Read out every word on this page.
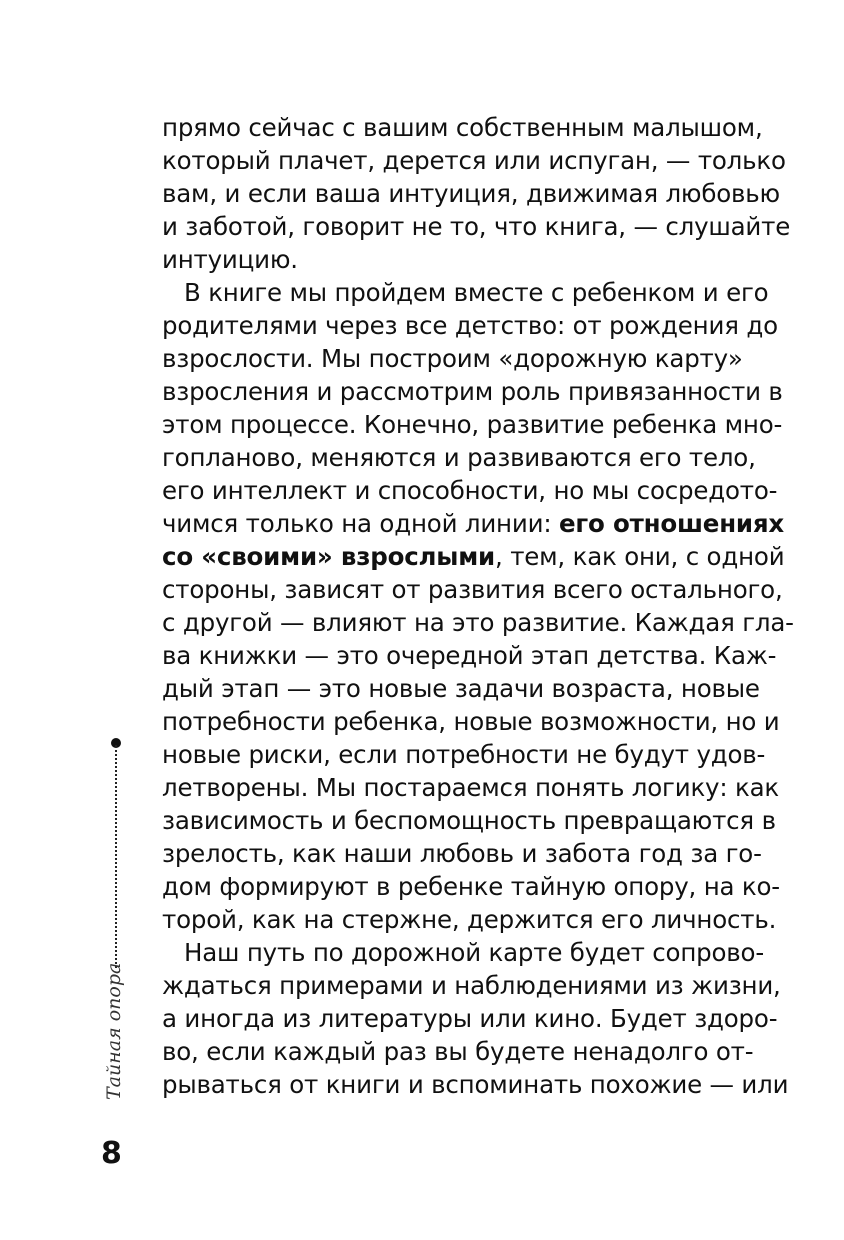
прямо сейчас с вашим собственным малышом,
который плачет, дерется или испуган, — только
вам, и если ваша интуиция, движимая любовью
и заботой, говорит не то, что книга, — слушайте
интуицию.

В книге мы пройдем вместе с ребенком и его
родителями через все детство: от рождения до
взрослости. Мы построим «дорожную карту»
взросления и рассмотрим роль привязанности в
этом процессе. Конечно, развитие ребенка мно-
гопланово, меняются и развиваются его тело,
его интеллект и способности, но мы сосредото-
чимся только на одной линии: его отношениях
со «своими» взрослыми, тем, как они, с одной
стороны, зависят от развития всего остального,
с другой — влияют на это развитие. Каждая гла-
ва книжки — это очередной этап детства. Каж-
дый этап — это новые задачи возраста, новые
потребности ребенка, новые возможности, но и
новые риски, если потребности не будут удов-
летворены. Мы постараемся понять логику: как
зависимость и беспомощность превращаются в
зрелость, как наши любовь и забота год за го-
дом формируют в ребенке тайную опору, на ко-
торой, как на стержне, держится его личность.

Наш путь по дорожной карте будет сопрово-
ждаться примерами и наблюдениями из жизни,
а иногда из литературы или кино. Будет здоро-
во, если каждый раз вы будете ненадолго от-
рываться от книги и вспоминать похожие — или

Тайная опора
8
